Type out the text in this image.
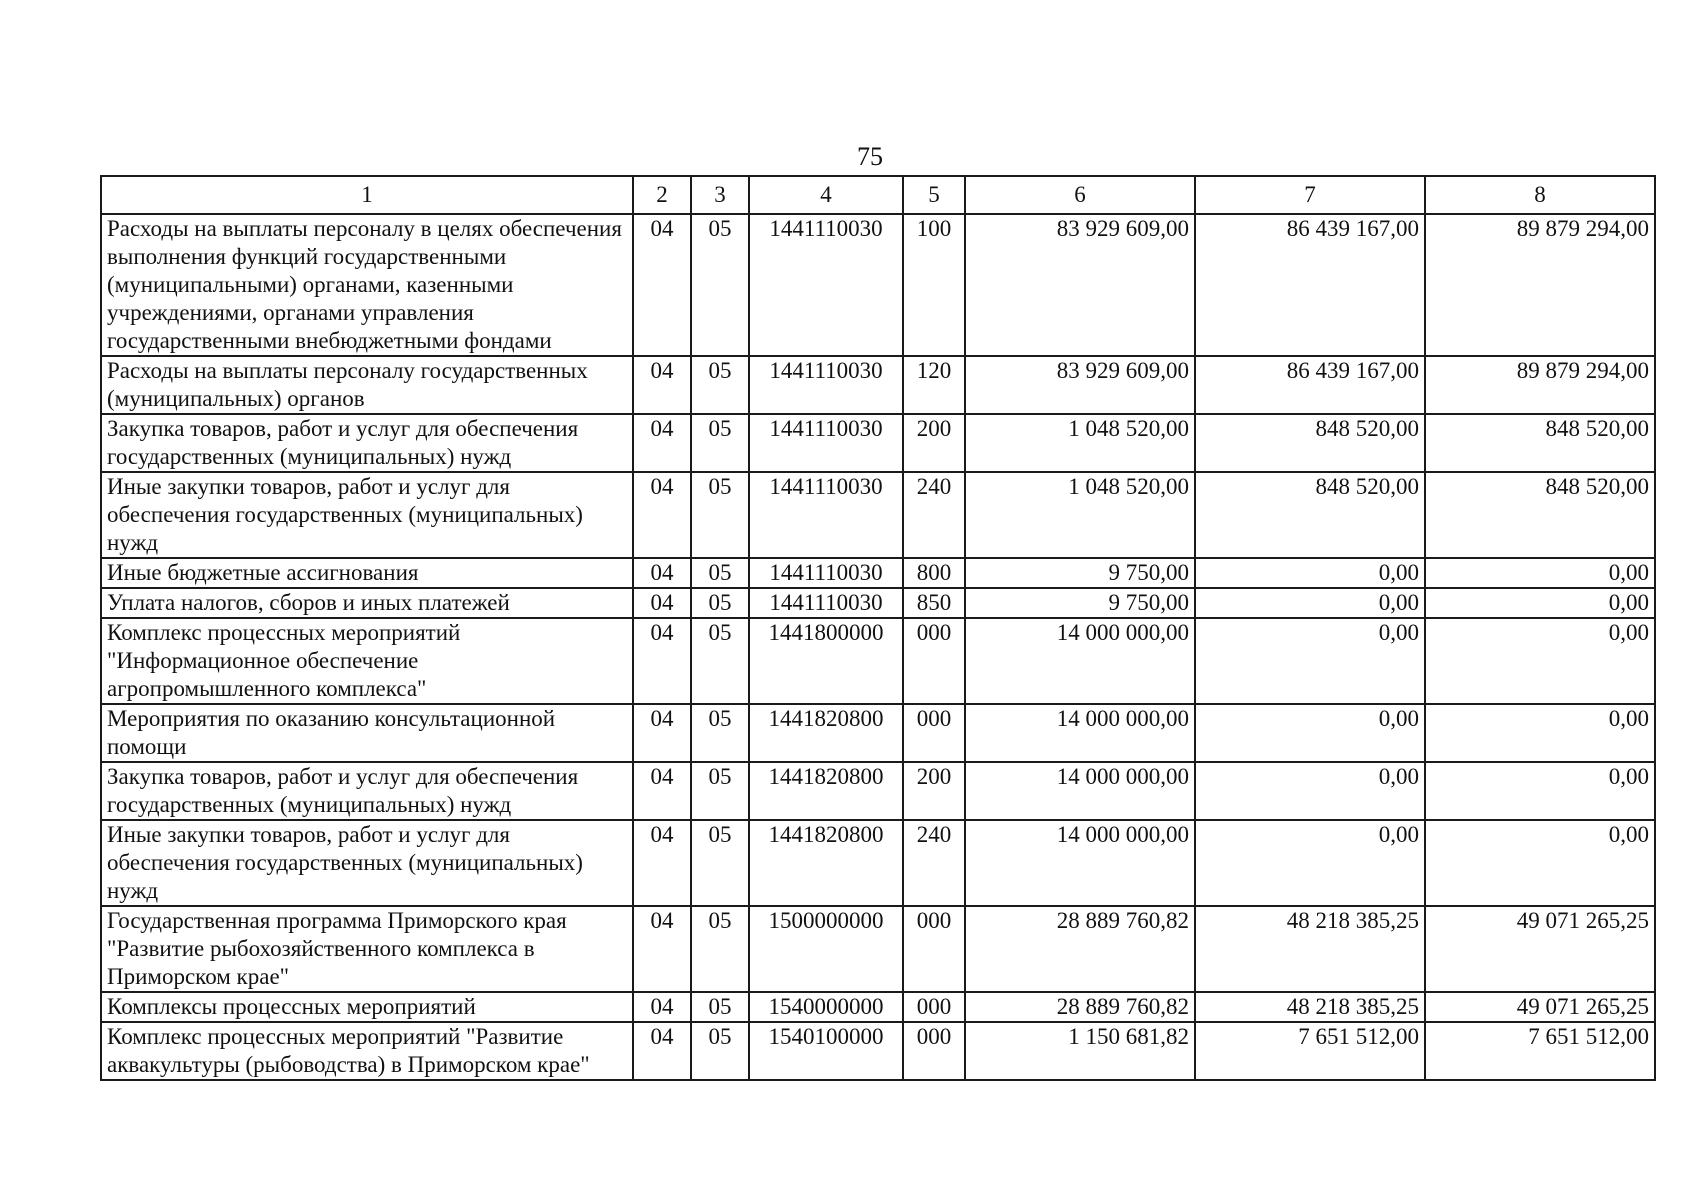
75
1	2	3	4	5	6	7	8
Расходы на выплаты персоналу в целях обеспечения выполнения функций государственными (муниципальными) органами, казенными учреждениями, органами управления государственными внебюджетными фондами	04	05	1441110030	100	83 929 609,00	86 439 167,00	89 879 294,00
Расходы на выплаты персоналу государственных (муниципальных) органов	04	05	1441110030	120	83 929 609,00	86 439 167,00	89 879 294,00
Закупка товаров, работ и услуг для обеспечения государственных (муниципальных) нужд	04	05	1441110030	200	1 048 520,00	848 520,00	848 520,00
Иные закупки товаров, работ и услуг для обеспечения государственных (муниципальных) нужд	04	05	1441110030	240	1 048 520,00	848 520,00	848 520,00
Иные бюджетные ассигнования	04	05	1441110030	800	9 750,00	0,00	0,00
Уплата налогов, сборов и иных платежей	04	05	1441110030	850	9 750,00	0,00	0,00
Комплекс процессных мероприятий "Информационное обеспечение агропромышленного комплекса"	04	05	1441800000	000	14 000 000,00	0,00	0,00
Мероприятия по оказанию консультационной помощи	04	05	1441820800	000	14 000 000,00	0,00	0,00
Закупка товаров, работ и услуг для обеспечения государственных (муниципальных) нужд	04	05	1441820800	200	14 000 000,00	0,00	0,00
Иные закупки товаров, работ и услуг для обеспечения государственных (муниципальных) нужд	04	05	1441820800	240	14 000 000,00	0,00	0,00
Государственная программа Приморского края "Развитие рыбохозяйственного комплекса в Приморском крае"	04	05	1500000000	000	28 889 760,82	48 218 385,25	49 071 265,25
Комплексы процессных мероприятий	04	05	1540000000	000	28 889 760,82	48 218 385,25	49 071 265,25
Комплекс процессных мероприятий "Развитие аквакультуры (рыбоводства) в Приморском крае"	04	05	1540100000	000	1 150 681,82	7 651 512,00	7 651 512,00
